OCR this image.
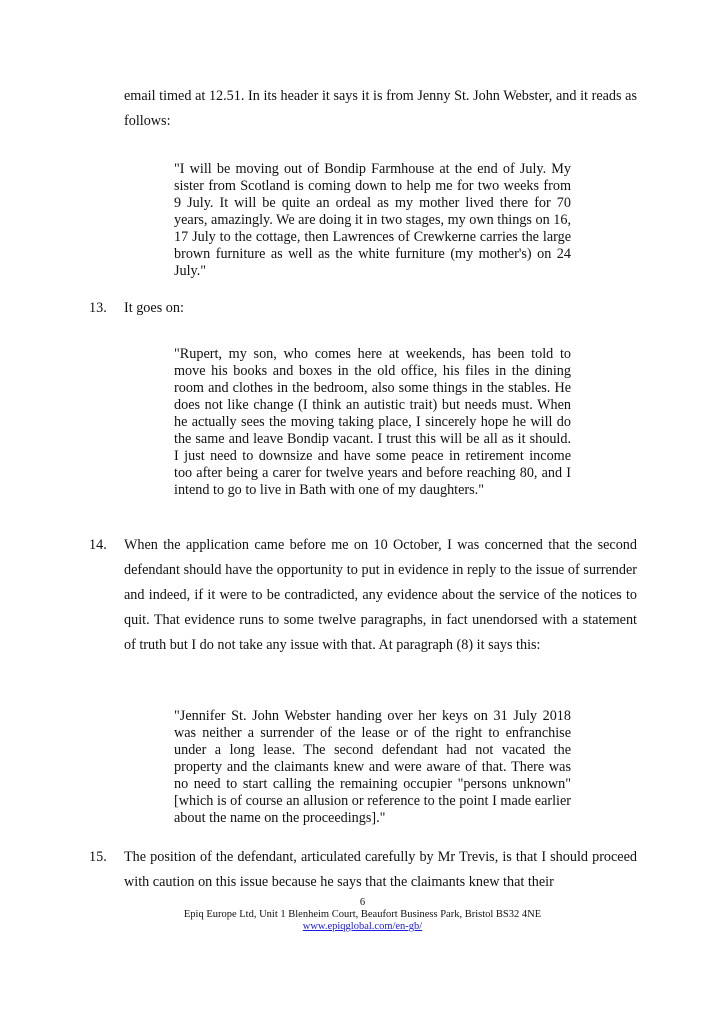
email timed at 12.51. In its header it says it is from Jenny St. John Webster, and it reads as follows:

"I will be moving out of Bondip Farmhouse at the end of July. My sister from Scotland is coming down to help me for two weeks from 9 July. It will be quite an ordeal as my mother lived there for 70 years, amazingly. We are doing it in two stages, my own things on 16, 17 July to the cottage, then Lawrences of Crewkerne carries the large brown furniture as well as the white furniture (my mother's) on 24 July."

13. It goes on:

"Rupert, my son, who comes here at weekends, has been told to move his books and boxes in the old office, his files in the dining room and clothes in the bedroom, also some things in the stables. He does not like change (I think an autistic trait) but needs must. When he actually sees the moving taking place, I sincerely hope he will do the same and leave Bondip vacant. I trust this will be all as it should. I just need to downsize and have some peace in retirement income too after being a carer for twelve years and before reaching 80, and I intend to go to live in Bath with one of my daughters."

14. When the application came before me on 10 October, I was concerned that the second defendant should have the opportunity to put in evidence in reply to the issue of surrender and indeed, if it were to be contradicted, any evidence about the service of the notices to quit. That evidence runs to some twelve paragraphs, in fact unendorsed with a statement of truth but I do not take any issue with that. At paragraph (8) it says this:

"Jennifer St. John Webster handing over her keys on 31 July 2018 was neither a surrender of the lease or of the right to enfranchise under a long lease. The second defendant had not vacated the property and the claimants knew and were aware of that. There was no need to start calling the remaining occupier "persons unknown" [which is of course an allusion or reference to the point I made earlier about the name on the proceedings]."

15. The position of the defendant, articulated carefully by Mr Trevis, is that I should proceed with caution on this issue because he says that the claimants knew that their

6
Epiq Europe Ltd, Unit 1 Blenheim Court, Beaufort Business Park, Bristol BS32 4NE
www.epiqglobal.com/en-gb/
